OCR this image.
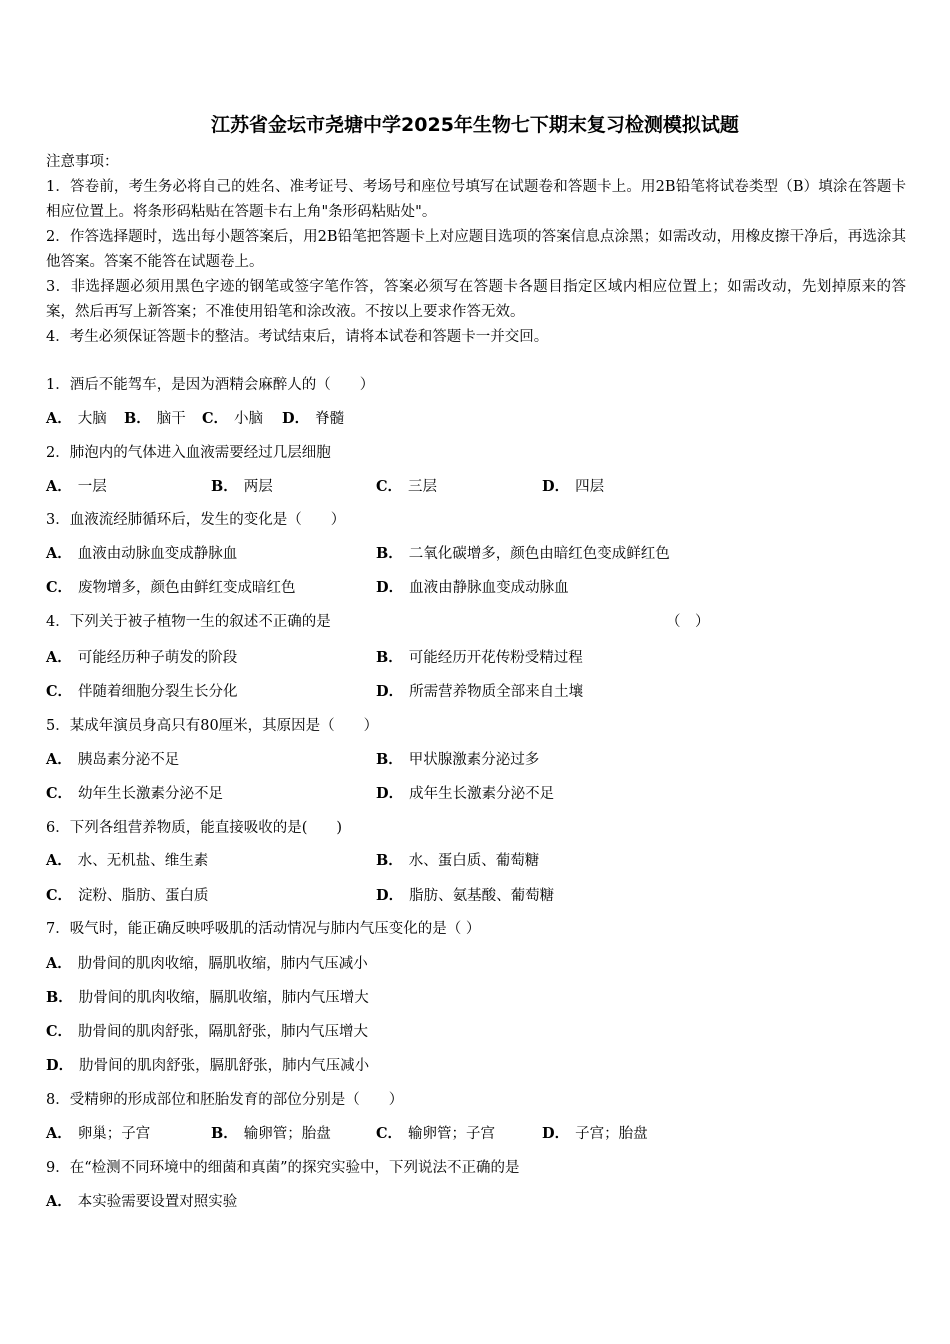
江苏省金坛市尧塘中学2025年生物七下期末复习检测模拟试题
注意事项：
1．答卷前，考生务必将自己的姓名、准考证号、考场号和座位号填写在试题卷和答题卡上。用2B铅笔将试卷类型（B）填涂在答题卡相应位置上。将条形码粘贴在答题卡右上角"条形码粘贴处"。
2．作答选择题时，选出每小题答案后，用2B铅笔把答题卡上对应题目选项的答案信息点涂黑；如需改动，用橡皮擦干净后，再选涂其他答案。答案不能答在试题卷上。
3．非选择题必须用黑色字迹的钢笔或签字笔作答，答案必须写在答题卡各题目指定区域内相应位置上；如需改动，先划掉原来的答案，然后再写上新答案；不准使用铅笔和涂改液。不按以上要求作答无效。
4．考生必须保证答题卡的整洁。考试结束后，请将本试卷和答题卡一并交回。
1．酒后不能驾车，是因为酒精会麻醉人的（　　）
A． 大脑 B． 脑干 C． 小脑 D． 脊髓
2．肺泡内的气体进入血液需要经过几层细胞
A． 一层	B． 两层	C． 三层	D． 四层
3．血液流经肺循环后，发生的变化是（　　）
A． 血液由动脉血变成静脉血	B． 二氧化碳增多，颜色由暗红色变成鲜红色
C． 废物增多，颜色由鲜红变成暗红色	D． 血液由静脉血变成动脉血
4．下列关于被子植物一生的叙述不正确的是	（　）
A． 可能经历种子萌发的阶段	B． 可能经历开花传粉受精过程
C． 伴随着细胞分裂生长分化	D． 所需营养物质全部来自土壤
5．某成年演员身高只有80厘米，其原因是（　　）
A． 胰岛素分泌不足	B． 甲状腺激素分泌过多
C． 幼年生长激素分泌不足	D． 成年生长激素分泌不足
6．下列各组营养物质，能直接吸收的是(　　)
A． 水、无机盐、维生素	B． 水、蛋白质、葡萄糖
C． 淀粉、脂肪、蛋白质	D． 脂肪、氨基酸、葡萄糖
7．吸气时，能正确反映呼吸肌的活动情况与肺内气压变化的是（ ）
A． 肋骨间的肌肉收缩，膈肌收缩，肺内气压减小
B． 肋骨间的肌肉收缩，膈肌收缩，肺内气压增大
C． 肋骨间的肌肉舒张，隔肌舒张，肺内气压增大
D． 肋骨间的肌肉舒张，膈肌舒张，肺内气压减小
8．受精卵的形成部位和胚胎发育的部位分别是（　　）
A． 卵巢；子宫	B． 输卵管；胎盘	C． 输卵管；子宫	D． 子宫；胎盘
9．在“检测不同环境中的细菌和真菌”的探究实验中，下列说法不正确的是
A． 本实验需要设置对照实验
